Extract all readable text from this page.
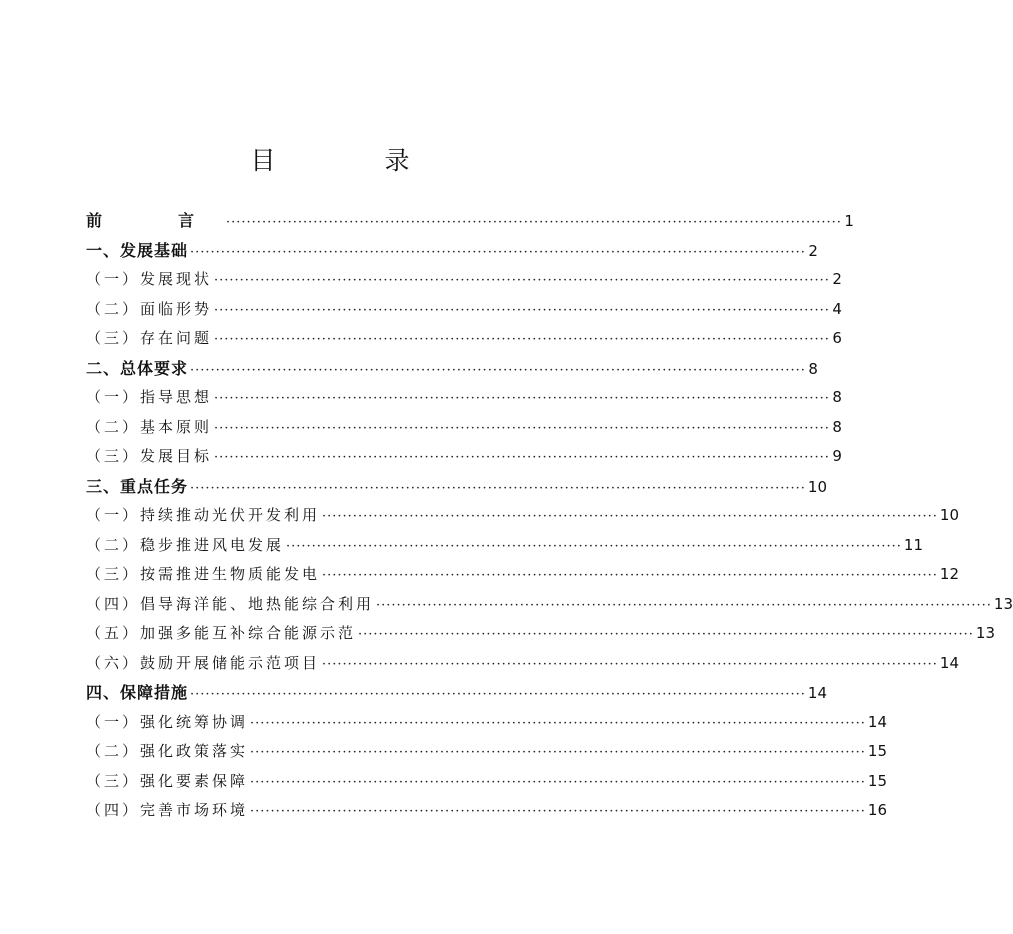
目　录
前　言 ························································································································ 1
一、发展基础 ························································································································ 2
（一）发展现状 ························································································································ 2
（二）面临形势 ························································································································ 4
（三）存在问题 ························································································································ 6
二、总体要求 ························································································································ 8
（一）指导思想 ························································································································ 8
（二）基本原则 ························································································································ 8
（三）发展目标 ························································································································ 9
三、重点任务 ························································································································ 10
（一）持续推动光伏开发利用 ························································································································ 10
（二）稳步推进风电发展 ························································································································ 11
（三）按需推进生物质能发电 ························································································································ 12
（四）倡导海洋能、地热能综合利用 ························································································································ 13
（五）加强多能互补综合能源示范 ························································································································ 13
（六）鼓励开展储能示范项目 ························································································································ 14
四、保障措施 ························································································································ 14
（一）强化统筹协调 ························································································································ 14
（二）强化政策落实 ························································································································ 15
（三）强化要素保障 ························································································································ 15
（四）完善市场环境 ························································································································ 16
